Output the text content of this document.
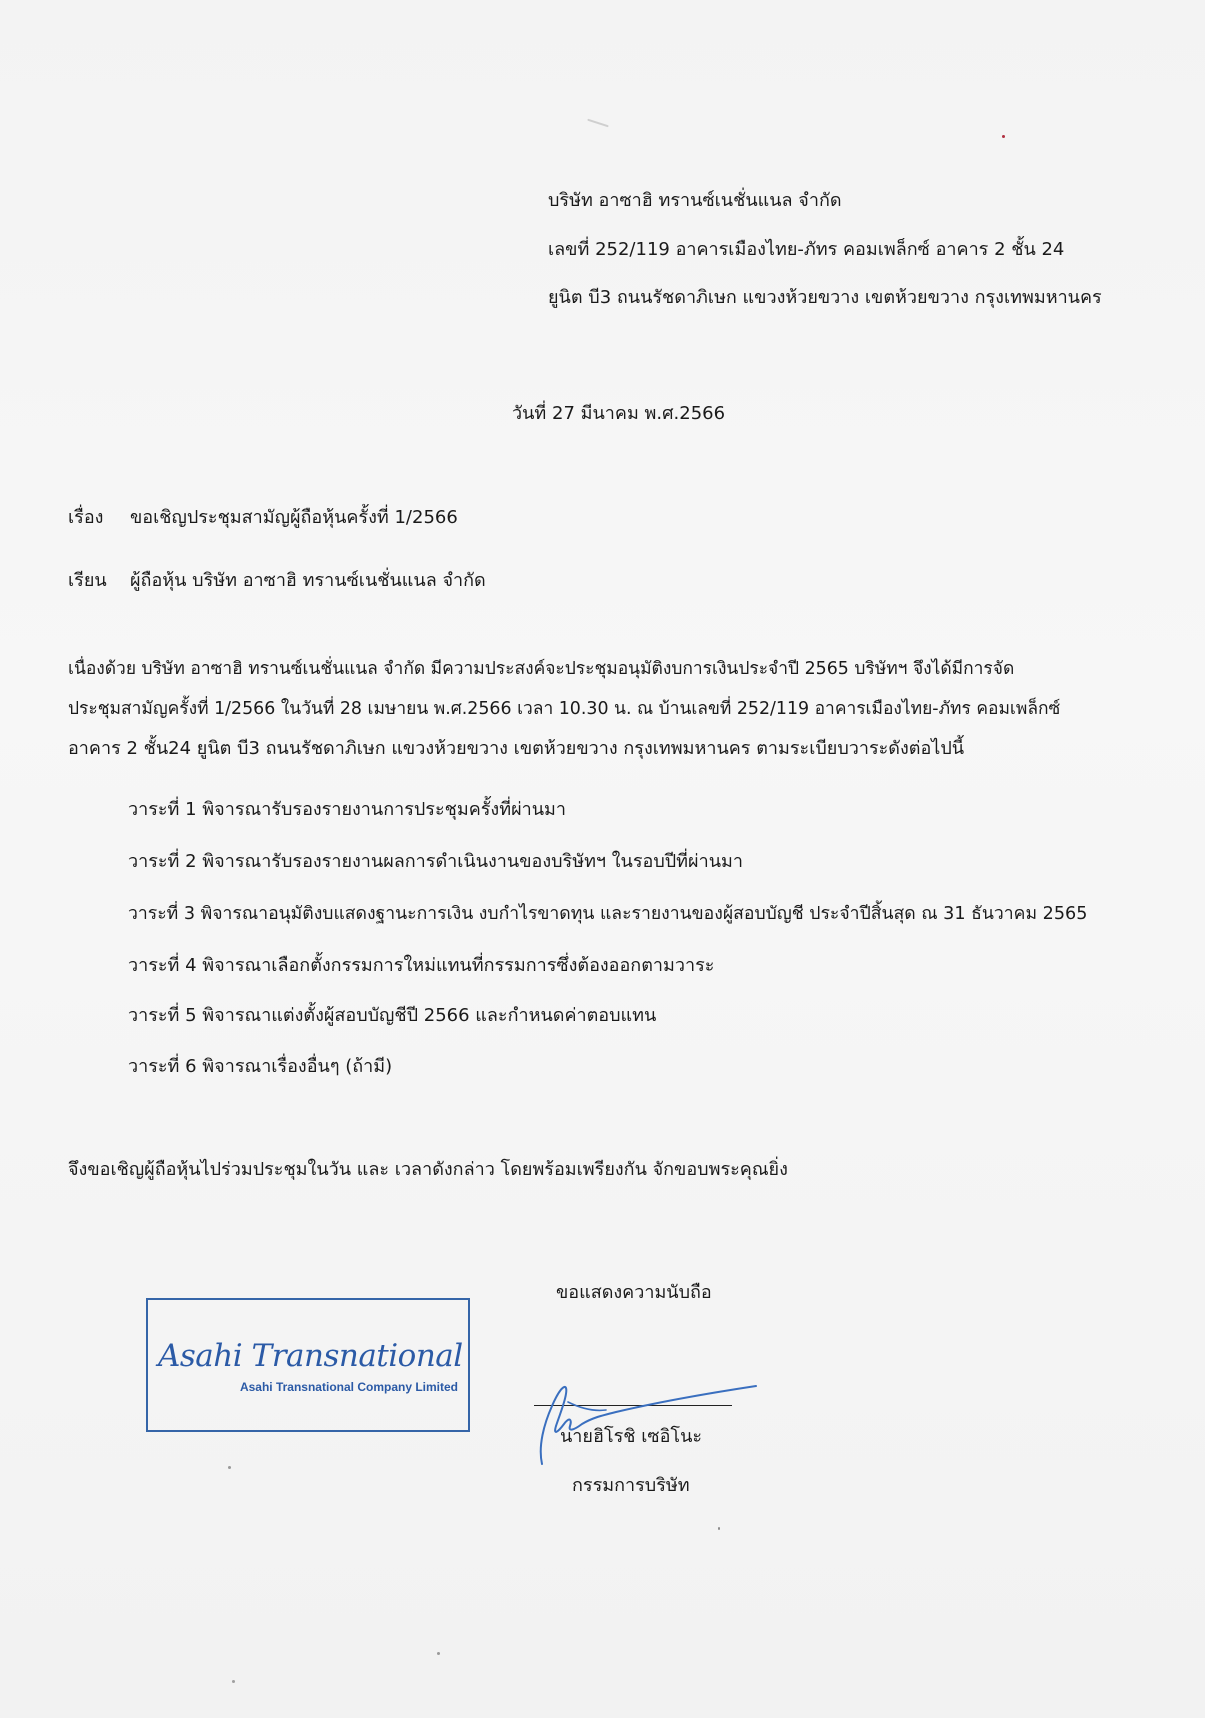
บริษัท อาซาฮิ ทรานซ์เนชั่นแนล จำกัด
เลขที่ 252/119 อาคารเมืองไทย-ภัทร คอมเพล็กซ์ อาคาร 2 ชั้น 24
ยูนิต บี3 ถนนรัชดาภิเษก แขวงห้วยขวาง เขตห้วยขวาง กรุงเทพมหานคร
วันที่ 27 มีนาคม พ.ศ.2566
เรื่อง ขอเชิญประชุมสามัญผู้ถือหุ้นครั้งที่ 1/2566
เรียน ผู้ถือหุ้น บริษัท อาซาฮิ ทรานซ์เนชั่นแนล จำกัด
เนื่องด้วย บริษัท อาซาฮิ ทรานซ์เนชั่นแนล จำกัด มีความประสงค์จะประชุมอนุมัติงบการเงินประจำปี 2565 บริษัทฯ จึงได้มีการจัด
ประชุมสามัญครั้งที่ 1/2566 ในวันที่ 28 เมษายน พ.ศ.2566 เวลา 10.30 น. ณ บ้านเลขที่ 252/119 อาคารเมืองไทย-ภัทร คอมเพล็กซ์
อาคาร 2 ชั้น24 ยูนิต บี3 ถนนรัชดาภิเษก แขวงห้วยขวาง เขตห้วยขวาง กรุงเทพมหานคร ตามระเบียบวาระดังต่อไปนี้
วาระที่ 1 พิจารณารับรองรายงานการประชุมครั้งที่ผ่านมา
วาระที่ 2 พิจารณารับรองรายงานผลการดำเนินงานของบริษัทฯ ในรอบปีที่ผ่านมา
วาระที่ 3 พิจารณาอนุมัติงบแสดงฐานะการเงิน งบกำไรขาดทุน และรายงานของผู้สอบบัญชี ประจำปีสิ้นสุด ณ 31 ธันวาคม 2565
วาระที่ 4 พิจารณาเลือกตั้งกรรมการใหม่แทนที่กรรมการซึ่งต้องออกตามวาระ
วาระที่ 5 พิจารณาแต่งตั้งผู้สอบบัญชีปี 2566 และกำหนดค่าตอบแทน
วาระที่ 6 พิจารณาเรื่องอื่นๆ (ถ้ามี)
จึงขอเชิญผู้ถือหุ้นไปร่วมประชุมในวัน และ เวลาดังกล่าว โดยพร้อมเพรียงกัน จักขอบพระคุณยิ่ง
ขอแสดงความนับถือ
Asahi Transnational
Asahi Transnational Company Limited
นายฮิโรชิ เซอิโนะ
กรรมการบริษัท
